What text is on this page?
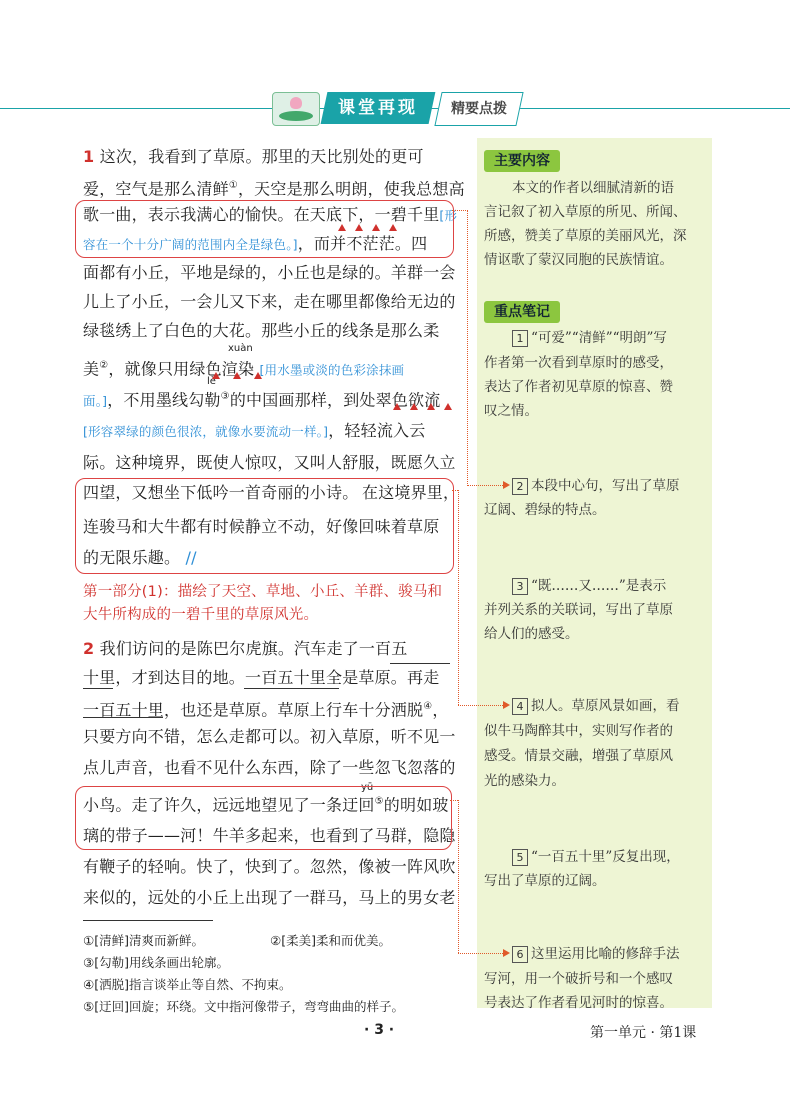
课堂再现	精要点拨
1 这次，我看到了草原。那里的天比别处的更可
爱，空气是那么清鲜①，天空是那么明朗，使我总想高
歌一曲，表示我满心的愉快。在天底下，一碧千里[形
容在一个十分广阔的范围内全是绿色。]，而并不茫茫。四
面都有小丘，平地是绿的，小丘也是绿的。羊群一会
儿上了小丘，一会儿又下来，走在哪里都像给无边的
绿毯绣上了白色的大花。那些小丘的线条是那么柔
xuàn
美②，就像只用绿色渲染 [用水墨或淡的色彩涂抹画
lè
面。]，不用墨线勾勒③的中国画那样，到处翠色欲流
[形容翠绿的颜色很浓，就像水要流动一样。]，轻轻流入云
际。这种境界，既使人惊叹，又叫人舒服，既愿久立
四望，又想坐下低吟一首奇丽的小诗。 在这境界里，
连骏马和大牛都有时候静立不动，好像回味着草原
的无限乐趣。 //
第一部分(1)：描绘了天空、草地、小丘、羊群、骏马和
大牛所构成的一碧千里的草原风光。
2 我们访问的是陈巴尔虎旗。汽车走了一百五
十里，才到达目的地。一百五十里全是草原。再走
一百五十里，也还是草原。草原上行车十分洒脱④，
只要方向不错，怎么走都可以。初入草原，听不见一
点儿声音，也看不见什么东西，除了一些忽飞忽落的
yū
小鸟。走了许久，远远地望见了一条迂回⑤的明如玻
璃的带子——河！牛羊多起来，也看到了马群，隐隐
有鞭子的轻响。快了，快到了。忽然，像被一阵风吹
来似的，远处的小丘上出现了一群马，马上的男女老
①[清鲜]清爽而新鲜。	②[柔美]柔和而优美。
③[勾勒]用线条画出轮廓。
④[洒脱]指言谈举止等自然、不拘束。
⑤[迂回]回旋；环绕。文中指河像带子，弯弯曲曲的样子。
主要内容
本文的作者以细腻清新的语
言记叙了初入草原的所见、所闻、
所感，赞美了草原的美丽风光，深
情讴歌了蒙汉同胞的民族情谊。
重点笔记
1 “可爱”“清鲜”“明朗”写
作者第一次看到草原时的感受，
表达了作者初见草原的惊喜、赞
叹之情。
2 本段中心句，写出了草原
辽阔、碧绿的特点。
3 “既……又……”是表示
并列关系的关联词，写出了草原
给人们的感受。
4 拟人。草原风景如画，看
似牛马陶醉其中，实则写作者的
感受。情景交融，增强了草原风
光的感染力。
5 “一百五十里”反复出现，
写出了草原的辽阔。
6 这里运用比喻的修辞手法
写河，用一个破折号和一个感叹
号表达了作者看见河时的惊喜。
· 3 ·	第一单元 · 第1课
